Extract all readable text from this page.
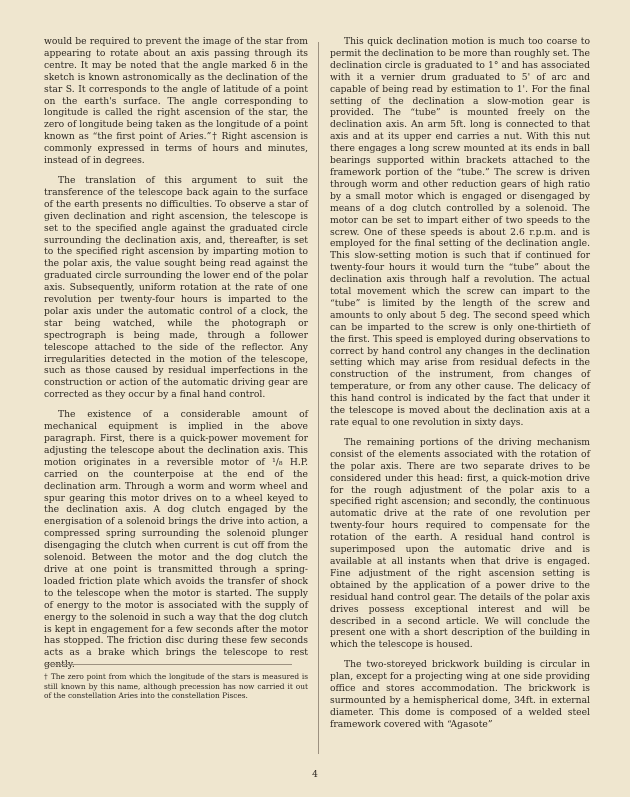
would be required to prevent the image of the star from appearing to rotate about an axis passing through its centre. It may be noted that the angle marked δ in the sketch is known astronomically as the declination of the star S. It corresponds to the angle of latitude of a point on the earth's surface. The angle corresponding to longitude is called the right ascension of the star, the zero of longitude being taken as the longitude of a point known as “the first point of Aries.”† Right ascension is commonly expressed in terms of hours and minutes, instead of in degrees.

The translation of this argument to suit the transference of the telescope back again to the surface of the earth presents no difficulties. To observe a star of given declination and right ascension, the telescope is set to the specified angle against the graduated circle surrounding the declination axis, and, thereafter, is set to the specified right ascension by imparting motion to the polar axis, the value sought being read against the graduated circle surrounding the lower end of the polar axis. Subsequently, uniform rotation at the rate of one revolution per twenty-four hours is imparted to the polar axis under the automatic control of a clock, the star being watched, while the photograph or spectrograph is being made, through a follower telescope attached to the side of the reflector. Any irregularities detected in the motion of the telescope, such as those caused by residual imperfections in the construction or action of the automatic driving gear are corrected as they occur by a final hand control.

The existence of a considerable amount of mechanical equipment is implied in the above paragraph. First, there is a quick-power movement for adjusting the telescope about the declination axis. This motion originates in a reversible motor of ¹/₈ H.P. carried on the counterpoise at the end of the declination arm. Through a worm and worm wheel and spur gearing this motor drives on to a wheel keyed to the declination axis. A dog clutch engaged by the energisation of a solenoid brings the drive into action, a compressed spring surrounding the solenoid plunger disengaging the clutch when current is cut off from the solenoid. Between the motor and the dog clutch the drive at one point is transmitted through a spring-loaded friction plate which avoids the transfer of shock to the telescope when the motor is started. The supply of energy to the motor is associated with the supply of energy to the solenoid in such a way that the dog clutch is kept in engagement for a few seconds after the motor has stopped. The friction disc during these few seconds acts as a brake which brings the telescope to rest

This quick declination motion is much too coarse to permit the declination to be more than roughly set. The declination circle is graduated to 1° and has associated with it a vernier drum graduated to 5' of arc and capable of being read by estimation to 1'. For the final setting of the declination a slow-motion gear is provided. The “tube” is mounted freely on the declination axis. An arm 5ft. long is connected to that axis and at its upper end carries a nut. With this nut there engages a long screw mounted at its ends in ball bearings supported within brackets attached to the framework portion of the “tube.” The screw is driven through worm and other reduction gears of high ratio by a small motor which is engaged or disengaged by means of a dog clutch controlled by a solenoid. The motor can be set to impart either of two speeds to the screw. One of these speeds is about 2.6 r.p.m. and is employed for the final setting of the declination angle. This slow-setting motion is such that if continued for twenty-four hours it would turn the “tube” about the declination axis through half a revolution. The actual total movement which the screw can impart to the “tube” is limited by the length of the screw and amounts to only about 5 deg. The second speed which can be imparted to the screw is only one-thirtieth of the first. This speed is employed during observations to correct by hand control any changes in the declination setting which may arise from residual defects in the construction of the instrument, from changes of temperature, or from any other cause. The delicacy of this hand control is indicated by the fact that under it the telescope is moved about the declination axis at a rate equal to one revolution in sixty days.

The remaining portions of the driving mechanism consist of the elements associated with the rotation of the polar axis. There are two separate drives to be considered under this head: first, a quick-motion drive for the rough adjustment of the polar axis to a specified right ascension; and secondly, the continuous automatic drive at the rate of one revolution per twenty-four hours required to compensate for the rotation of the earth. A residual hand control is superimposed upon the automatic drive and is available at all instants when that drive is engaged. Fine adjustment of the right ascension setting is obtained by the application of a power drive to the residual hand control gear. The details of the polar axis drives possess exceptional interest and will be described in a second article. We will conclude the present one with a short description of the building in which the telescope is housed.

The two-storeyed brickwork building is circular in plan, except for a projecting wing at one side providing office and stores accommodation. The brickwork is surmounted by a hemispherical dome, 34ft. in external diameter. This dome is composed of a welded steel framework covered with “Agasote”

† The zero point from which the longitude of the stars is measured is still known by this name, although precession has now carried it out of the constellation Aries into the constellation Pisces.
4
